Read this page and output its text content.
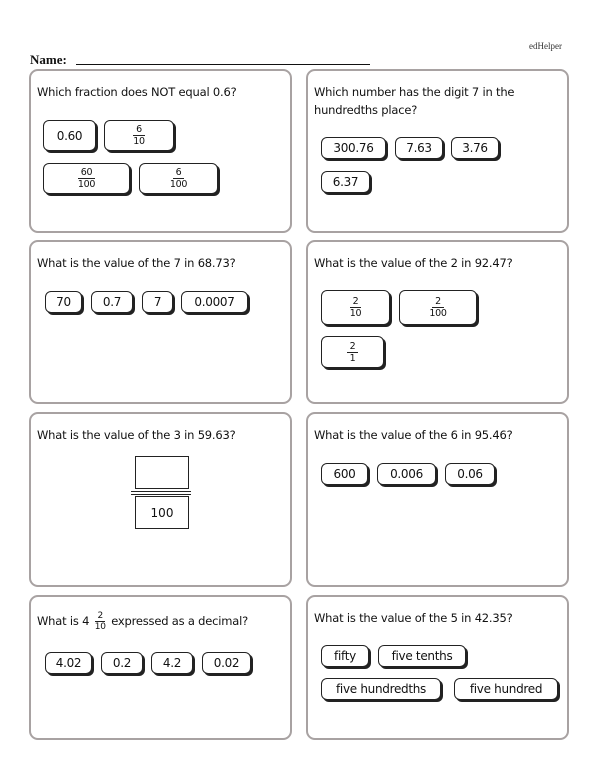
edHelper
Name:
Which fraction does NOT equal 0.6?
0.60	$\frac{6}{10}$
$\frac{60}{100}$	$\frac{6}{100}$
Which number has the digit 7 in the hundredths place?
300.76	7.63	3.76
6.37
What is the value of the 7 in 68.73?
70	0.7	7	0.0007
What is the value of the 2 in 92.47?
$\frac{2}{10}$	$\frac{2}{100}$
$\frac{2}{1}$
What is the value of the 3 in 59.63?
100
What is the value of the 6 in 95.46?
600	0.006	0.06
What is $4 \frac{2}{10}$ expressed as a decimal?
4.02	0.2	4.2	0.02
What is the value of the 5 in 42.35?
fifty	five tenths
five hundredths	five hundred
